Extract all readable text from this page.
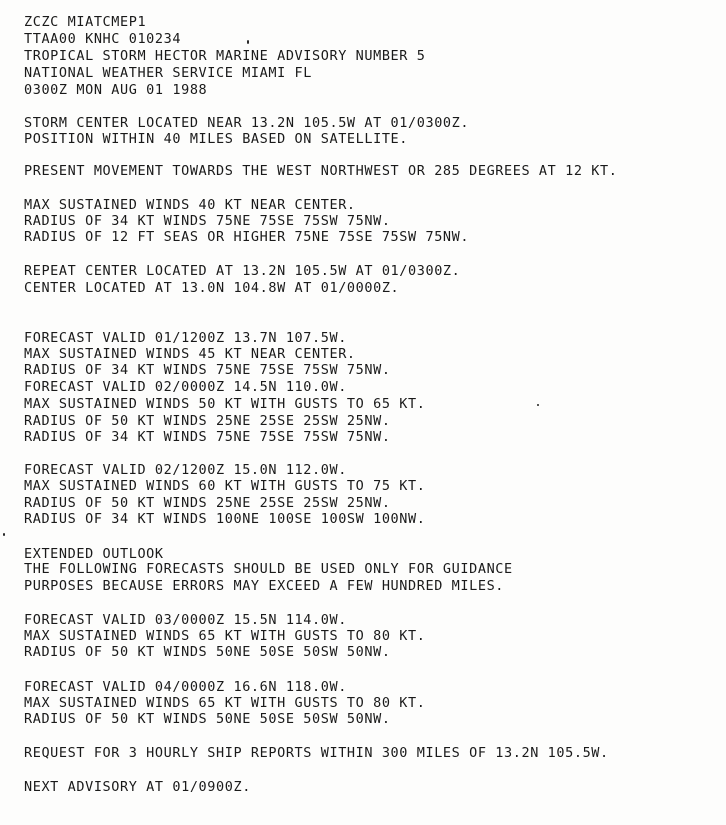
ZCZC MIATCMEP1
TTAA00 KNHC 010234
TROPICAL STORM HECTOR MARINE ADVISORY NUMBER 5
NATIONAL WEATHER SERVICE MIAMI FL
0300Z MON AUG 01 1988
STORM CENTER LOCATED NEAR 13.2N 105.5W AT 01/0300Z.
POSITION WITHIN 40 MILES BASED ON SATELLITE.
PRESENT MOVEMENT TOWARDS THE WEST NORTHWEST OR 285 DEGREES AT 12 KT.
MAX SUSTAINED WINDS 40 KT NEAR CENTER.
RADIUS OF 34 KT WINDS 75NE 75SE 75SW 75NW.
RADIUS OF 12 FT SEAS OR HIGHER 75NE 75SE 75SW 75NW.
REPEAT CENTER LOCATED AT 13.2N 105.5W AT 01/0300Z.
CENTER LOCATED AT 13.0N 104.8W AT 01/0000Z.
FORECAST VALID 01/1200Z 13.7N 107.5W.
MAX SUSTAINED WINDS 45 KT NEAR CENTER.
RADIUS OF 34 KT WINDS 75NE 75SE 75SW 75NW.
FORECAST VALID 02/0000Z 14.5N 110.0W.
MAX SUSTAINED WINDS 50 KT WITH GUSTS TO 65 KT.
RADIUS OF 50 KT WINDS 25NE 25SE 25SW 25NW.
RADIUS OF 34 KT WINDS 75NE 75SE 75SW 75NW.
FORECAST VALID 02/1200Z 15.0N 112.0W.
MAX SUSTAINED WINDS 60 KT WITH GUSTS TO 75 KT.
RADIUS OF 50 KT WINDS 25NE 25SE 25SW 25NW.
RADIUS OF 34 KT WINDS 100NE 100SE 100SW 100NW.
EXTENDED OUTLOOK
THE FOLLOWING FORECASTS SHOULD BE USED ONLY FOR GUIDANCE
PURPOSES BECAUSE ERRORS MAY EXCEED A FEW HUNDRED MILES.
FORECAST VALID 03/0000Z 15.5N 114.0W.
MAX SUSTAINED WINDS 65 KT WITH GUSTS TO 80 KT.
RADIUS OF 50 KT WINDS 50NE 50SE 50SW 50NW.
FORECAST VALID 04/0000Z 16.6N 118.0W.
MAX SUSTAINED WINDS 65 KT WITH GUSTS TO 80 KT.
RADIUS OF 50 KT WINDS 50NE 50SE 50SW 50NW.
REQUEST FOR 3 HOURLY SHIP REPORTS WITHIN 300 MILES OF 13.2N 105.5W.
NEXT ADVISORY AT 01/0900Z.
